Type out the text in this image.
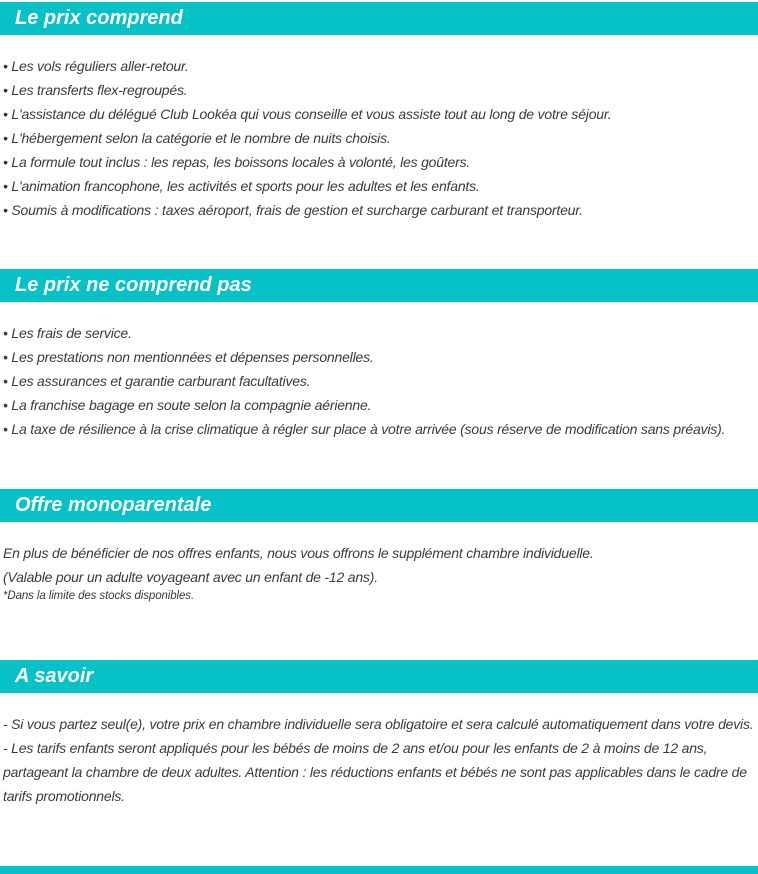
Le prix comprend
• Les vols réguliers aller-retour.
• Les transferts flex-regroupés.
• L'assistance du délégué Club Lookéa qui vous conseille et vous assiste tout au long de votre séjour.
• L'hébergement selon la catégorie et le nombre de nuits choisis.
• La formule tout inclus : les repas, les boissons locales à volonté, les goûters.
• L'animation francophone, les activités et sports pour les adultes et les enfants.
• Soumis à modifications : taxes aéroport, frais de gestion et surcharge carburant et transporteur.
Le prix ne comprend pas
• Les frais de service.
• Les prestations non mentionnées et dépenses personnelles.
• Les assurances et garantie carburant facultatives.
• La franchise bagage en soute selon la compagnie aérienne.
• La taxe de résilience à la crise climatique à régler sur place à votre arrivée (sous réserve de modification sans préavis).
Offre monoparentale

En plus de bénéficier de nos offres enfants, nous vous offrons le supplément chambre individuelle.

(Valable pour un adulte voyageant avec un enfant de -12 ans).

*Dans la limite des stocks disponibles.

A savoir

- Si vous partez seul(e), votre prix en chambre individuelle sera obligatoire et sera calculé automatiquement dans votre devis.

- Les tarifs enfants seront appliqués pour les bébés de moins de 2 ans et/ou pour les enfants de 2 à moins de 12 ans, partageant la chambre de deux adultes. Attention : les réductions enfants et bébés ne sont pas applicables dans le cadre de tarifs promotionnels.
